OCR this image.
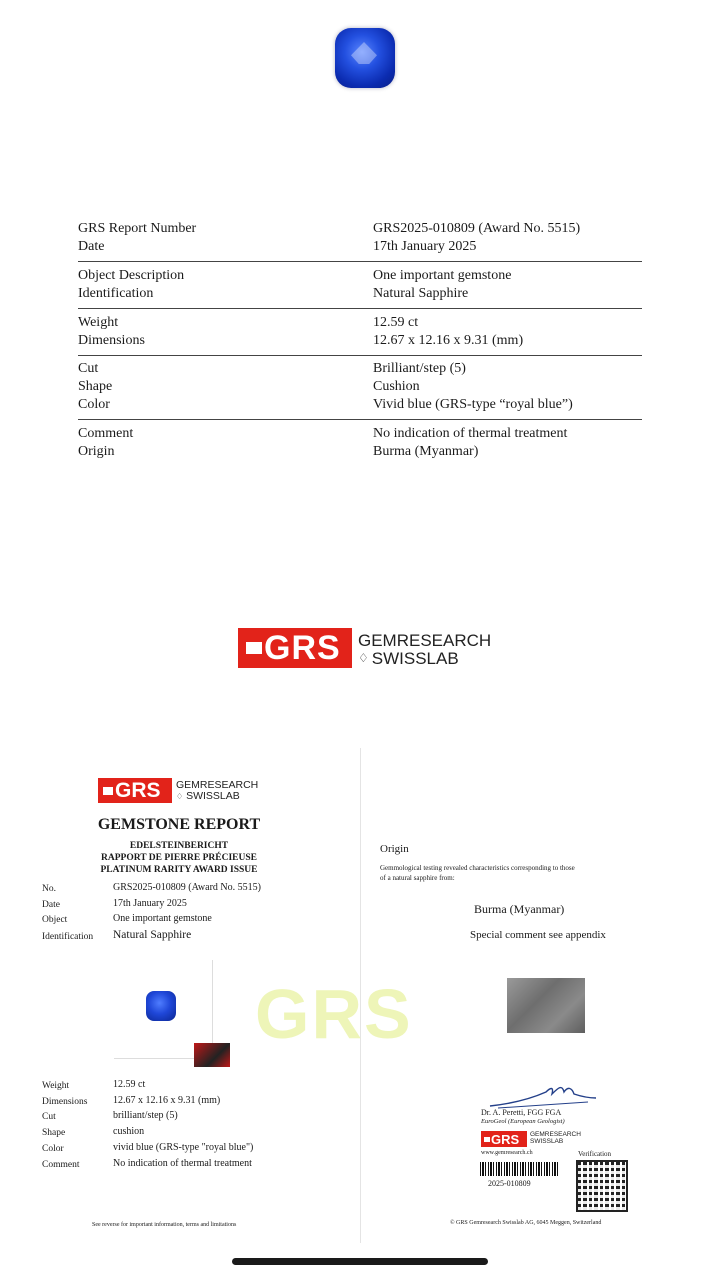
GRS Report Number	GRS2025-010809 (Award No. 5515)
Date	17th January 2025
Object Description	One important gemstone
Identification	Natural Sapphire
Weight	12.59 ct
Dimensions	12.67 x 12.16 x 9.31 (mm)
Cut	Brilliant/step (5)
Shape	Cushion
Color	Vivid blue (GRS-type “royal blue”)
Comment	No indication of thermal treatment
Origin	Burma (Myanmar)
GRS GEMRESEARCH
♢ SWISSLAB
GRS
GRS GEMRESEARCH
♢ SWISSLAB
GEMSTONE REPORT
EDELSTEINBERICHT
RAPPORT DE PIERRE PRÉCIEUSE
PLATINUM RARITY AWARD ISSUE
No.	GRS2025-010809 (Award No. 5515)
Date	17th January 2025
Object	One important gemstone
Identification Natural Sapphire
Weight	12.59 ct
Dimensions	12.67 x 12.16 x 9.31 (mm)
Cut	brilliant/step (5)
Shape	cushion
Color	vivid blue (GRS-type "royal blue")
Comment	No indication of thermal treatment
See reverse for important information, terms and limitations
Origin
Gemmological testing revealed characteristics corresponding to those
of a natural sapphire from:
Burma (Myanmar)
Special comment see appendix
Dr. A. Peretti, FGG FGA
EuroGeol (European Geologist)
GRS GEMRESEARCH
SWISSLAB
www.gemresearch.ch	Verification
2025-010809
© GRS Gemresearch Swisslab AG, 6045 Meggen, Switzerland
